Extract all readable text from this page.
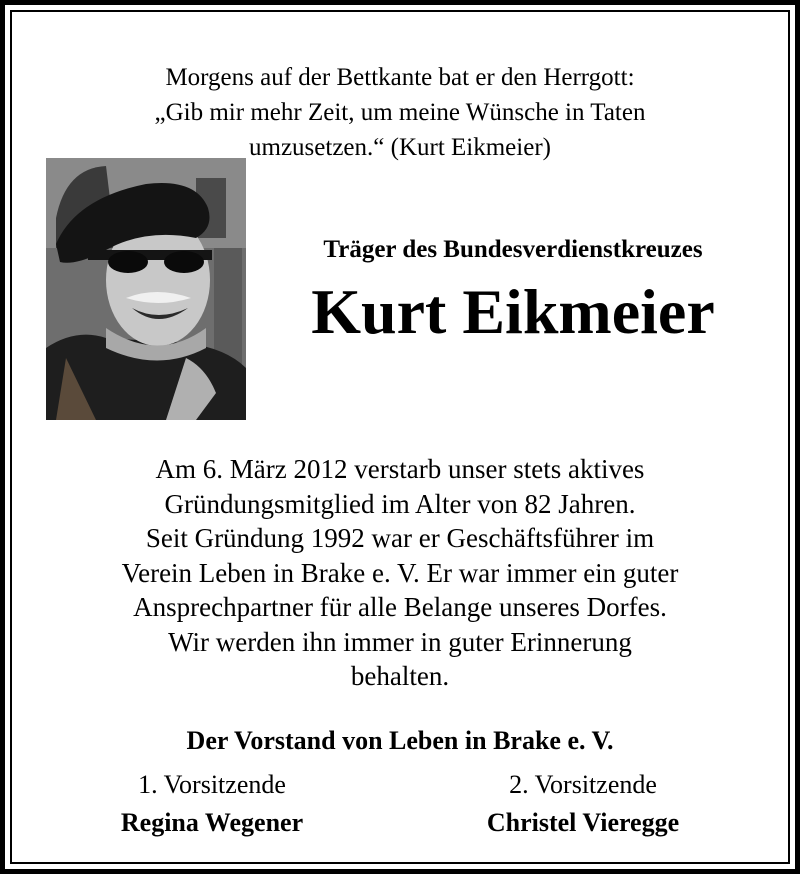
Morgens auf der Bettkante bat er den Herrgott:
„Gib mir mehr Zeit, um meine Wünsche in Taten
umzusetzen.“ (Kurt Eikmeier)
Träger des Bundesverdienstkreuzes
Kurt Eikmeier
Am 6. März 2012 verstarb unser stets aktives
Gründungsmitglied im Alter von 82 Jahren.
Seit Gründung 1992 war er Geschäftsführer im
Verein Leben in Brake e. V. Er war immer ein guter
Ansprechpartner für alle Belange unseres Dorfes.
Wir werden ihn immer in guter Erinnerung
behalten.
Der Vorstand von Leben in Brake e. V.
1. Vorsitzende
Regina Wegener
2. Vorsitzende
Christel Vieregge
